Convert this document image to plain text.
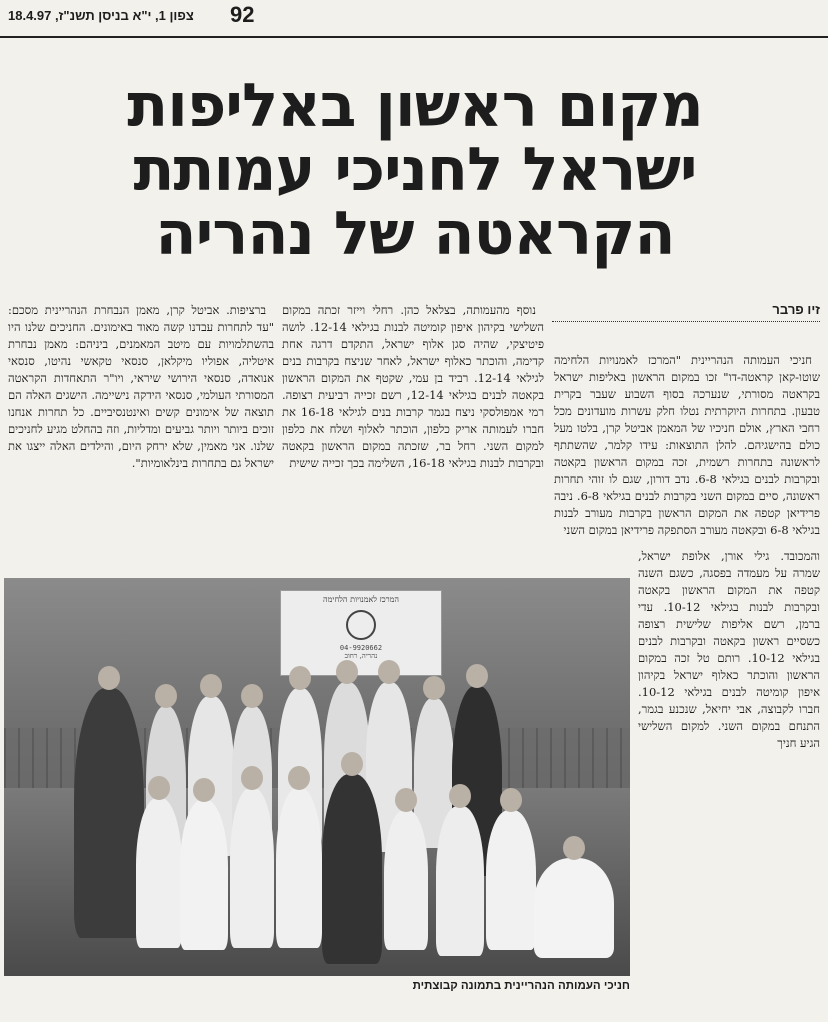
92
צפון 1, י"א בניסן תשנ"ז, 18.4.97
מקום ראשון באליפות
ישראל לחניכי עמותת
הקראטה של נהריה
זיו פרבר

חניכי העמותה הנהריינית "המרכז לאמנויות הלחימה שוטו-קאן קראטה-דו" זכו במקום הראשון באליפות ישראל בקראטה מסורתי, שנערכה בסוף השבוע שעבר בקרית טבעון. בתחרות היוקרתית נטלו חלק עשרות מועדונים מכל רחבי הארץ, אולם חניכיו של המאמן אביטל קרן, בלטו מעל כולם בהישגיהם. להלן התוצאות: עידו קלמר, שהשתתף לראשונה בתחרות רשמית, זכה במקום הראשון בקאטה ובקרבות לבנים בגילאי 6-8. נדב דורון, שגם לו זוהי תחרות ראשונה, סיים במקום השני בקרבות לבנים בגילאי 6-8. ניבה פרידיאן קטפה את המקום הראשון בקרבות מעורב לבנות בגילאי 6-8 ובקאטה מעורב הסתפקה פרידיאן במקום השני

והמכובד. גילי אורן, אלופת ישראל, שמרה על מעמדה בפסגה, כשגם השנה קטפה את המקום הראשון בקאטה ובקרבות לבנות בגילאי 10-12. עדי ברמן, רשם אליפות שלישית רצופה כשסיים ראשון בקאטה ובקרבות לבנים בגילאי 10-12. רותם טל זכה במקום הראשון והוכתר כאלוף ישראל בקיהון איפון קומיטה לבנים בגילאי 10-12. חברו לקבוצה, אבי יחיאל, שנכנע בגמר, התנחם במקום השני. למקום השלישי הגיע חניך

נוסף מהעמותה, בצלאל כהן. רחלי וייזר זכתה במקום השלישי בקיהון איפון קומיטה לבנות בגילאי 12-14. לושה פיטיצקי, שהיה סגן אלוף ישראל, התקדם דרגה אחת קדימה, והוכתר כאלוף ישראל, לאחר שניצח בקרבות בנים לגילאי 12-14. רביד בן עמי, שקטף את המקום הראשון בקאטה לבנים בגילאי 12-14, רשם זכייה רביעית רצופה. רמי אמפולסקי ניצח בגמר קרבות בנים לגילאי 16-18 את חברו לעמותה אריק כלפון, הוכתר לאלוף ושלח את כלפון למקום השני. רחל בר, שזכתה במקום הראשון בקאטה ובקרבות לבנות בגילאי 16-18, השלימה בכך זכייה שישית

ברציפות. אביטל קרן, מאמן הנבחרת הנהריינית מסכם: "עד לתחרות עבדנו קשה מאוד באימונים. החניכים שלנו היו בהשתלמויות עם מיטב המאמנים, ביניהם: מאמן נבחרת איטליה, אפוליו מיקלאן, סנסאי טקאשי נהיטו, סנסאי אנואדה, סנסאי הירושי שיראי, ויו"ר התאחדות הקראטה המסורתי העולמי, סנסאי הידקה נישיימה. הישגים האלה הם תוצאה של אימונים קשים ואינטנסיביים. כל תחרות אנחנו זוכים ביותר ויותר גביעים ומדליות, וזה בהחלט מגיע לחניכים שלנו. אני מאמין, שלא ירחק היום, והילדים האלה ייצגו את ישראל גם בתחרות בינלאומיות".

המרכז לאמנויות הלחימה
04-9920662
נהריה, רחוב
חניכי העמותה הנהריינית בתמונה קבוצתית
